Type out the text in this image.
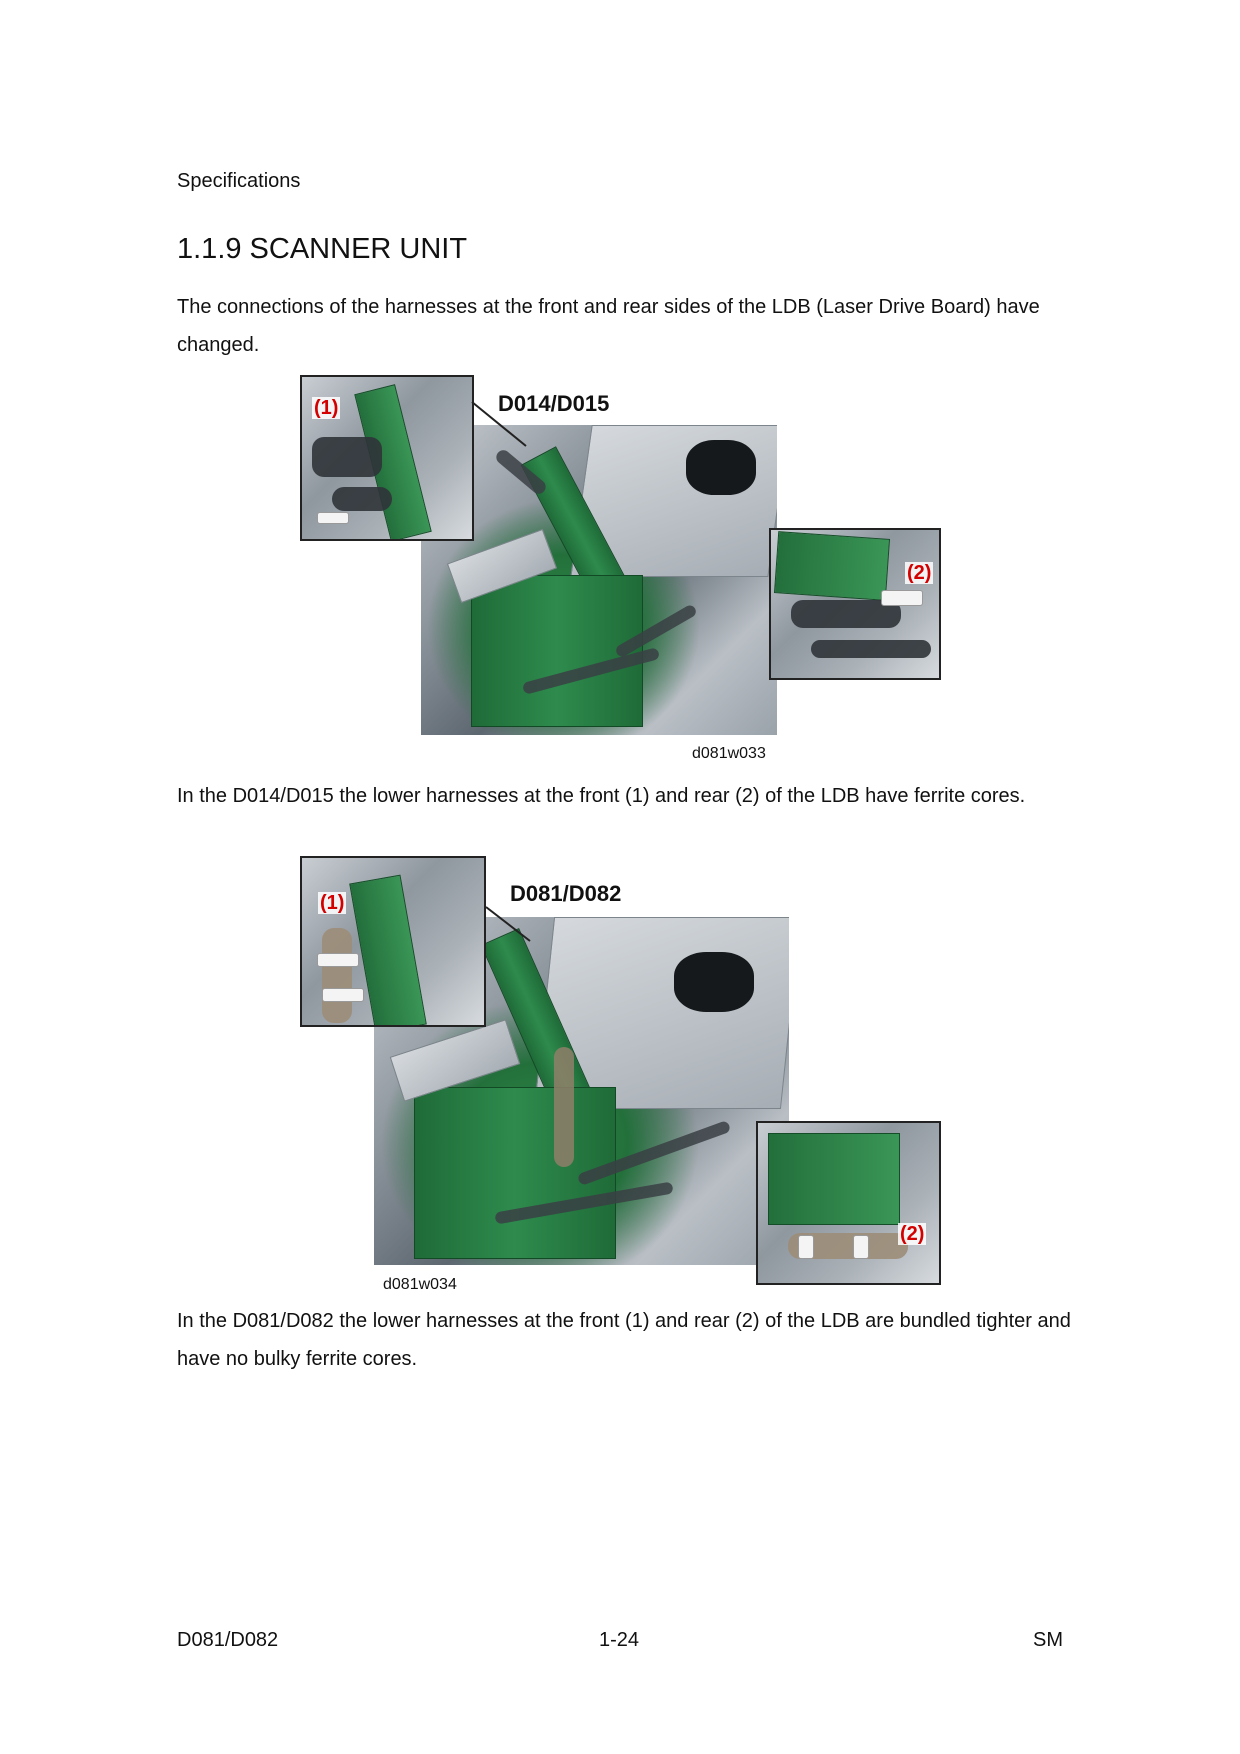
Specifications
1.1.9 SCANNER UNIT

The connections of the harnesses at the front and rear sides of the LDB (Laser Drive Board) have changed.

(1)
(2)
D014/D015
d081w033

In the D014/D015 the lower harnesses at the front (1) and rear (2) of the LDB have ferrite cores.

(1)
(2)
D081/D082
d081w034

In the D081/D082 the lower harnesses at the front (1) and rear (2) of the LDB are bundled tighter and have no bulky ferrite cores.

D081/D082	1-24	SM
